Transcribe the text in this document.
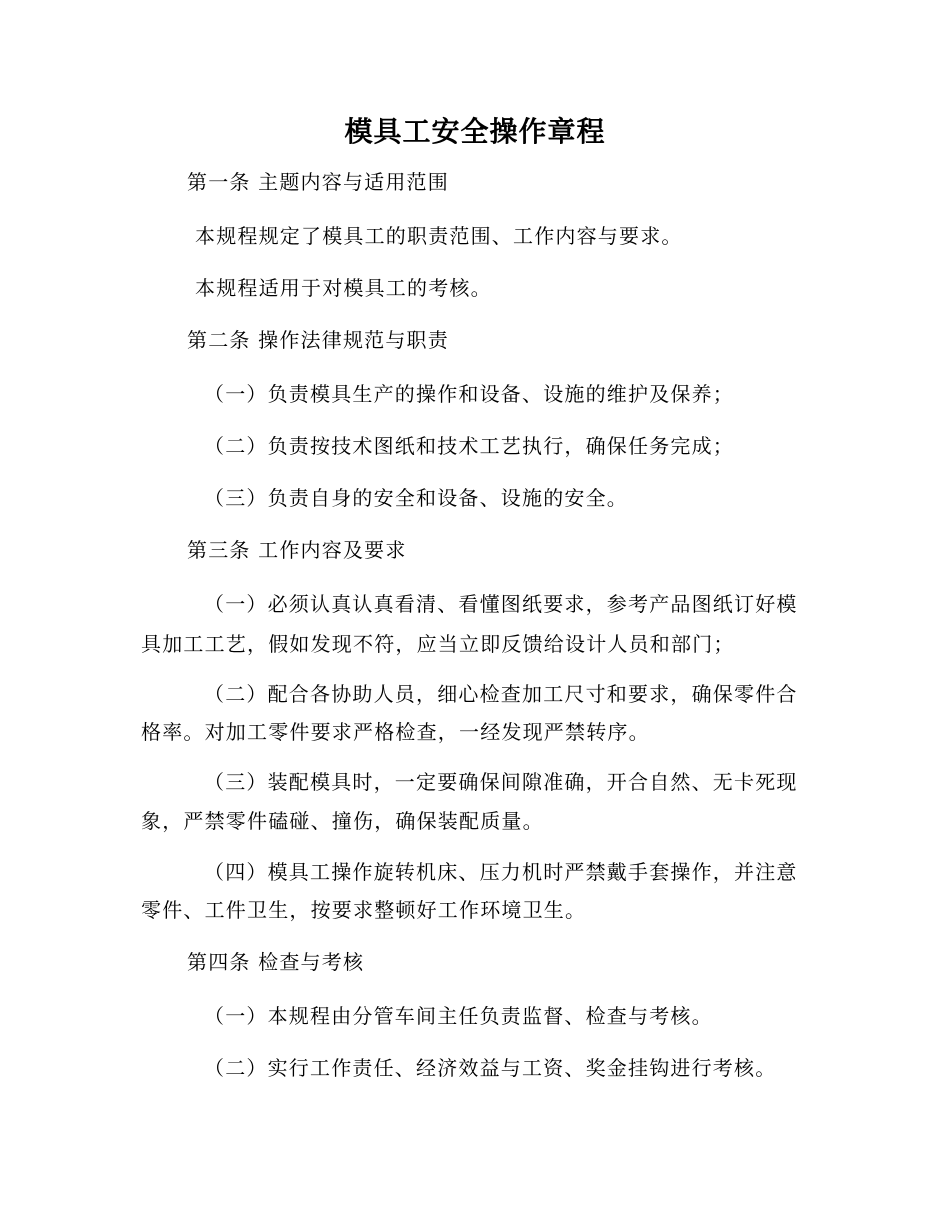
模具工安全操作章程
第一条 主题内容与适用范围
本规程规定了模具工的职责范围、工作内容与要求。
本规程适用于对模具工的考核。
第二条 操作法律规范与职责
（一）负责模具生产的操作和设备、设施的维护及保养；
（二）负责按技术图纸和技术工艺执行，确保任务完成；
（三）负责自身的安全和设备、设施的安全。
第三条 工作内容及要求
（一）必须认真认真看清、看懂图纸要求，参考产品图纸订好模
具加工工艺，假如发现不符，应当立即反馈给设计人员和部门；
（二）配合各协助人员，细心检查加工尺寸和要求，确保零件合
格率。对加工零件要求严格检查，一经发现严禁转序。
（三）装配模具时，一定要确保间隙准确，开合自然、无卡死现
象，严禁零件磕碰、撞伤，确保装配质量。
（四）模具工操作旋转机床、压力机时严禁戴手套操作，并注意
零件、工件卫生，按要求整顿好工作环境卫生。
第四条 检查与考核
（一）本规程由分管车间主任负责监督、检查与考核。
（二）实行工作责任、经济效益与工资、奖金挂钩进行考核。
